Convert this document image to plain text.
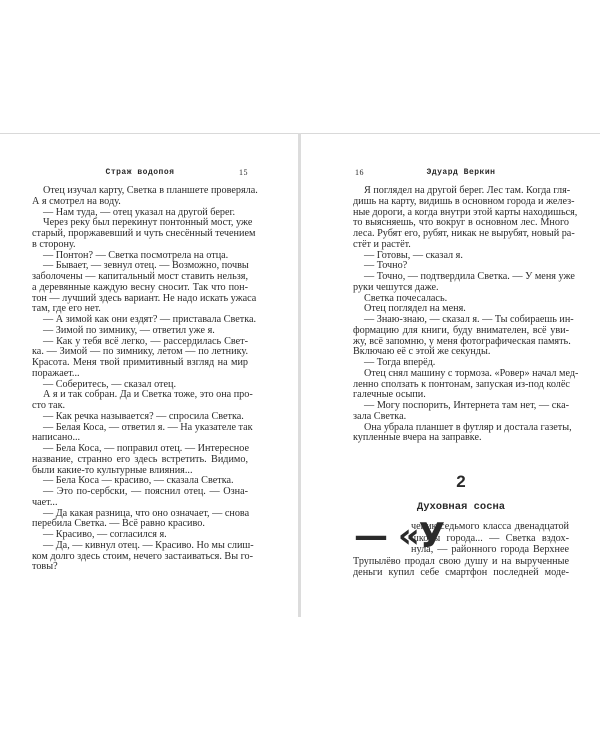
Страж водопоя	15
Отец изучал карту, Светка в планшете проверяла.
А я смотрел на воду.
— Нам туда, — отец указал на другой берег.
Через реку был перекинут понтонный мост, уже
старый, проржавевший и чуть снесённый течением
в сторону.
— Понтон? — Светка посмотрела на отца.
— Бывает, — зевнул отец. — Возможно, почвы
заболочены — капитальный мост ставить нельзя,
а деревянные каждую весну сносит. Так что пон-
тон — лучший здесь вариант. Не надо искать ужаса
там, где его нет.
— А зимой как они ездят? — приставала Светка.
— Зимой по зимнику, — ответил уже я.
— Как у тебя всё легко, — рассердилась Свет-
ка. — Зимой — по зимнику, летом — по летнику.
Красота. Меня твой примитивный взгляд на мир
поражает...
— Соберитесь, — сказал отец.
А я и так собран. Да и Светка тоже, это она про-
сто так.
— Как речка называется? — спросила Светка.
— Белая Коса, — ответил я. — На указателе так
написано...
— Бела Коса, — поправил отец. — Интересное
название, странно его здесь встретить. Видимо,
были какие-то культурные влияния...
— Бела Коса — красиво, — сказала Светка.
— Это по-сербски, — пояснил отец. — Озна-
чает...
— Да какая разница, что оно означает, — снова
перебила Светка. — Всё равно красиво.
— Красиво, — согласился я.
— Да, — кивнул отец. — Красиво. Но мы слиш-
ком долго здесь стоим, нечего застаиваться. Вы го-
товы?
16	Эдуард Веркин
Я поглядел на другой берег. Лес там. Когда гля-
дишь на карту, видишь в основном города и желез-
ные дороги, а когда внутри этой карты находишься,
то выясняешь, что вокруг в основном лес. Много
леса. Рубят его, рубят, никак не вырубят, новый ра-
стёт и растёт.
— Готовы, — сказал я.
— Точно?
— Точно, — подтвердила Светка. — У меня уже
руки чешутся даже.
Светка почесалась.
Отец поглядел на меня.
— Знаю-знаю, — сказал я. — Ты собираешь ин-
формацию для книги, буду внимателен, всё уви-
жу, всё запомню, у меня фотографическая память.
Включаю её с этой же секунды.
— Тогда вперёд.
Отец снял машину с тормоза. «Ровер» начал мед-
ленно сползать к понтонам, запуская из-под колёс
галечные осыпи.
— Могу поспорить, Интернета там нет, — ска-
зала Светка.
Она убрала планшет в футляр и достала газеты,
купленные вчера на заправке.
2
Духовная сосна
— «У
ченик седьмого класса двенадцатой
школы города... — Светка вздох-
нула, — районного города Верхнее
Трупылёво продал свою душу и на вырученные
деньги купил себе смартфон последней моде-
